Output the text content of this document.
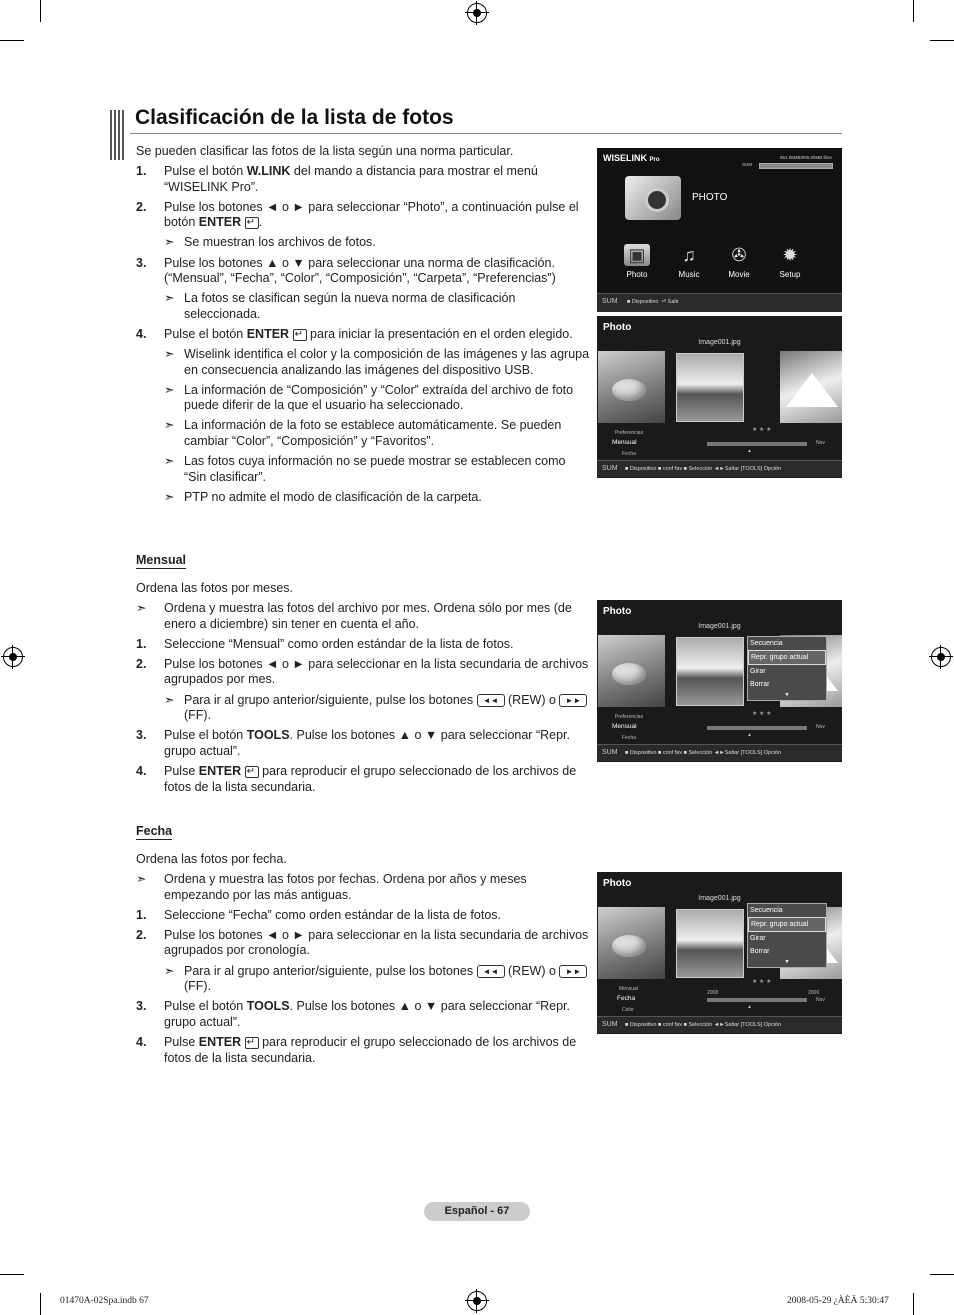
Clasificación de la lista de fotos

Se pueden clasificar las fotos de la lista según una norma particular.

1. Pulse el botón W.LINK del mando a distancia para mostrar el menú “WISELINK Pro”.
2. Pulse los botones ◄ o ► para seleccionar “Photo”, a continuación pulse el botón ENTER ↵ .
➣ Se muestran los archivos de fotos.
3. Pulse los botones ▲ o ▼ para seleccionar una norma de clasificación. (“Mensual”, “Fecha”, “Color”, “Composición”, “Carpeta”, “Preferencias”)
➣ La fotos se clasifican según la nueva norma de clasificación seleccionada.
4. Pulse el botón ENTER ↵ para iniciar la presentación en el orden elegido.
➣ Wiselink identifica el color y la composición de las imágenes y las agrupa en consecuencia analizando las imágenes del dispositivo USB.
➣ La información de “Composición” y “Color” extraída del archivo de foto puede diferir de la que el usuario ha seleccionado.
➣ La información de la foto se establece automáticamente. Se pueden cambiar “Color”, “Composición” y “Favoritos”.
➣ Las fotos cuya información no se puede mostrar se establecen como “Sin clasificar”.
➣ PTP no admite el modo de clasificación de la carpeta.
Mensual

Ordena las fotos por meses.

➣ Ordena y muestra las fotos del archivo por mes. Ordena sólo por mes (de enero a diciembre) sin tener en cuenta el año.
1. Seleccione “Mensual” como orden estándar de la lista de fotos.
2. Pulse los botones ◄ o ► para seleccionar en la lista secundaria de archivos agrupados por mes.
➣ Para ir al grupo anterior/siguiente, pulse los botones ◄◄ (REW) o ►► (FF).
3. Pulse el botón TOOLS. Pulse los botones ▲ o ▼ para seleccionar “Repr. grupo actual”.
4. Pulse ENTER ↵ para reproducir el grupo seleccionado de los archivos de fotos de la lista secundaria.
Fecha

Ordena las fotos por fecha.

➣ Ordena y muestra las fotos por fechas. Ordena por años y meses empezando por las más antiguas.
1. Seleccione “Fecha” como orden estándar de la lista de fotos.
2. Pulse los botones ◄ o ► para seleccionar en la lista secundaria de archivos agrupados por cronología.
➣ Para ir al grupo anterior/siguiente, pulse los botones ◄◄ (REW) o ►► (FF).
3. Pulse el botón TOOLS. Pulse los botones ▲ o ▼ para seleccionar “Repr. grupo actual”.
4. Pulse ENTER ↵ para reproducir el grupo seleccionado de los archivos de fotos de la lista secundaria.
WISELINK Pro	851.98MB/995.00MB libre
SUM
PHOTO
▣
Photo
♫
Music
✇
Movie
✹
Setup
SUM ■ Dispositivo ⏎ Salir
Photo
Image001.jpg
Preferencias
Mensual
Fecha
★ ★ ★
Nov
▲
SUM ■ Dispositivo ■ conf fav ■ Selección ◄►Saltar [TOOLS] Opción
Photo
Image001.jpg
Secuencia
Repr. grupo actual
Girar
Borrar
▼
Preferencias
Mensual
Fecha
★ ★ ★
Nov
▲
SUM ■ Dispositivo ■ conf fav ■ Selección ◄►Saltar [TOOLS] Opción
Photo
Image001.jpg
Secuencia
Repr. grupo actual
Girar
Borrar
▼
Mensual
Fecha
Color
★ ★ ★
2008	2006
Nov
▲
SUM ■ Dispositivo ■ conf fav ■ Selección ◄►Saltar [TOOLS] Opción
Español - 67
01470A-02Spa.indb 67	2008-05-29 ¿ÀÈÄ 5:30:47
